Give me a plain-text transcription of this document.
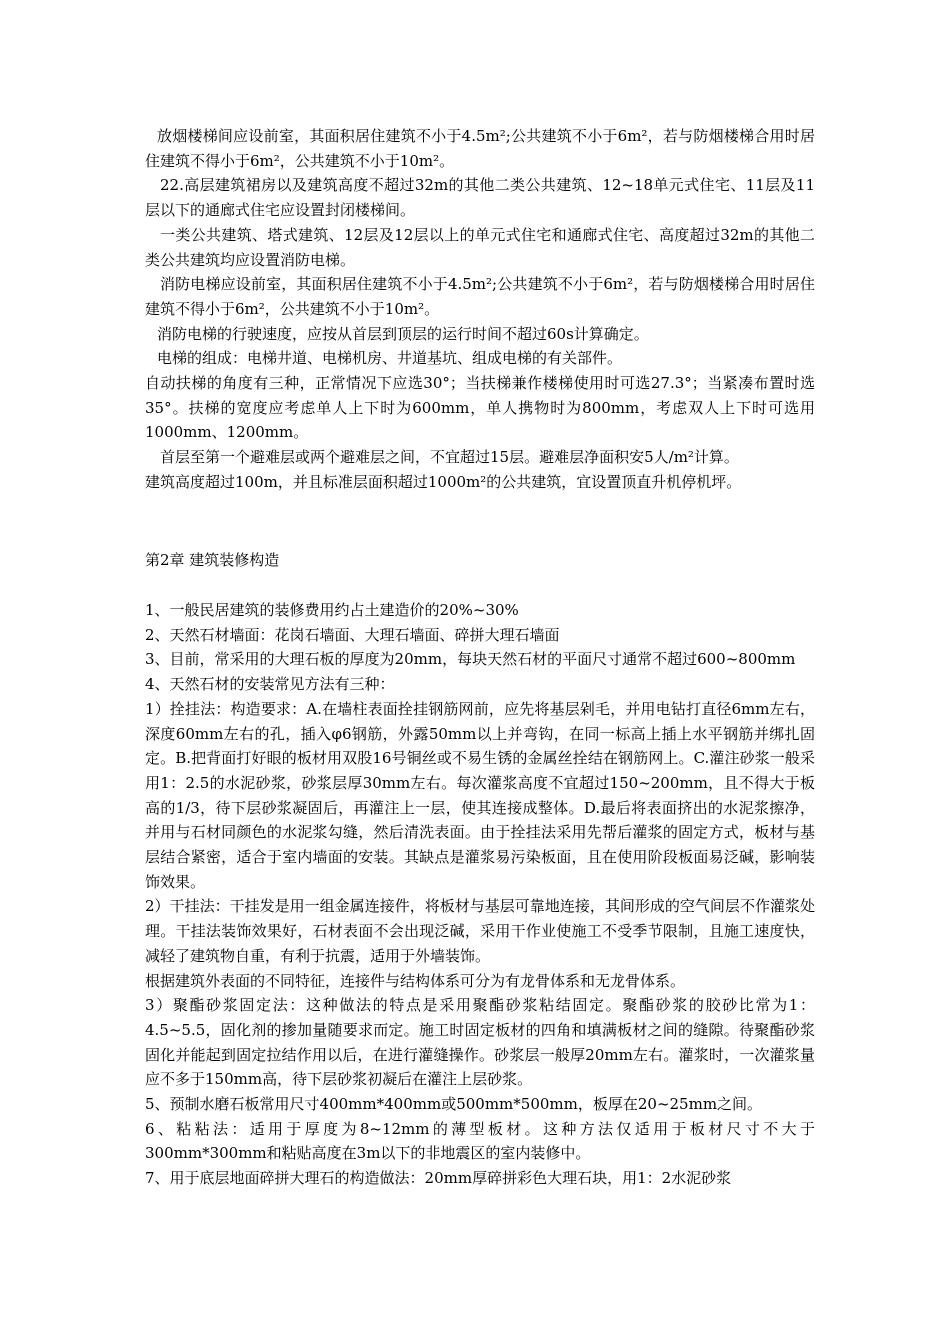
放烟楼梯间应设前室，其面积居住建筑不小于4.5m²;公共建筑不小于6m²，若与防烟楼梯合用时居住建筑不得小于6m²，公共建筑不小于10m²。

22.高层建筑裙房以及建筑高度不超过32m的其他二类公共建筑、12~18单元式住宅、11层及11层以下的通廊式住宅应设置封闭楼梯间。

一类公共建筑、塔式建筑、12层及12层以上的单元式住宅和通廊式住宅、高度超过32m的其他二类公共建筑均应设置消防电梯。

消防电梯应设前室，其面积居住建筑不小于4.5m²;公共建筑不小于6m²，若与防烟楼梯合用时居住建筑不得小于6m²，公共建筑不小于10m²。

消防电梯的行驶速度，应按从首层到顶层的运行时间不超过60s计算确定。

电梯的组成：电梯井道、电梯机房、井道基坑、组成电梯的有关部件。

自动扶梯的角度有三种，正常情况下应选30°；当扶梯兼作楼梯使用时可选27.3°；当紧凑布置时选35°。扶梯的宽度应考虑单人上下时为600mm，单人携物时为800mm，考虑双人上下时可选用1000mm、1200mm。

首层至第一个避难层或两个避难层之间，不宜超过15层。避难层净面积安5人/m²计算。

建筑高度超过100m，并且标准层面积超过1000m²的公共建筑，宜设置顶直升机停机坪。

第2章 建筑装修构造

1、一般民居建筑的装修费用约占土建造价的20%~30%

2、天然石材墙面：花岗石墙面、大理石墙面、碎拼大理石墙面

3、目前，常采用的大理石板的厚度为20mm，每块天然石材的平面尺寸通常不超过600~800mm

4、天然石材的安装常见方法有三种：

1）拴挂法：构造要求：A.在墙柱表面拴挂钢筋网前，应先将基层剁毛，并用电钻打直径6mm左右，深度60mm左右的孔，插入φ6钢筋，外露50mm以上并弯钩，在同一标高上插上水平钢筋并绑扎固定。B.把背面打好眼的板材用双股16号铜丝或不易生锈的金属丝拴结在钢筋网上。C.灌注砂浆一般采用1：2.5的水泥砂浆，砂浆层厚30mm左右。每次灌浆高度不宜超过150~200mm，且不得大于板高的1/3，待下层砂浆凝固后，再灌注上一层，使其连接成整体。D.最后将表面挤出的水泥浆擦净，并用与石材同颜色的水泥浆勾缝，然后清洗表面。由于拴挂法采用先帮后灌浆的固定方式，板材与基层结合紧密，适合于室内墙面的安装。其缺点是灌浆易污染板面，且在使用阶段板面易泛碱，影响装饰效果。

2）干挂法：干挂发是用一组金属连接件，将板材与基层可靠地连接，其间形成的空气间层不作灌浆处理。干挂法装饰效果好，石材表面不会出现泛碱，采用干作业使施工不受季节限制，且施工速度快，减轻了建筑物自重，有利于抗震，适用于外墙装饰。

根据建筑外表面的不同特征，连接件与结构体系可分为有龙骨体系和无龙骨体系。

3）聚酯砂浆固定法：这种做法的特点是采用聚酯砂浆粘结固定。聚酯砂浆的胶砂比常为1：4.5~5.5，固化剂的掺加量随要求而定。施工时固定板材的四角和填满板材之间的缝隙。待聚酯砂浆固化并能起到固定拉结作用以后，在进行灌缝操作。砂浆层一般厚20mm左右。灌浆时，一次灌浆量应不多于150mm高，待下层砂浆初凝后在灌注上层砂浆。

5、预制水磨石板常用尺寸400mm*400mm或500mm*500mm，板厚在20~25mm之间。

6、粘粘法：适用于厚度为8~12mm的薄型板材。这种方法仅适用于板材尺寸不大于300mm*300mm和粘贴高度在3m以下的非地震区的室内装修中。

7、用于底层地面碎拼大理石的构造做法：20mm厚碎拼彩色大理石块，用1：2水泥砂浆
